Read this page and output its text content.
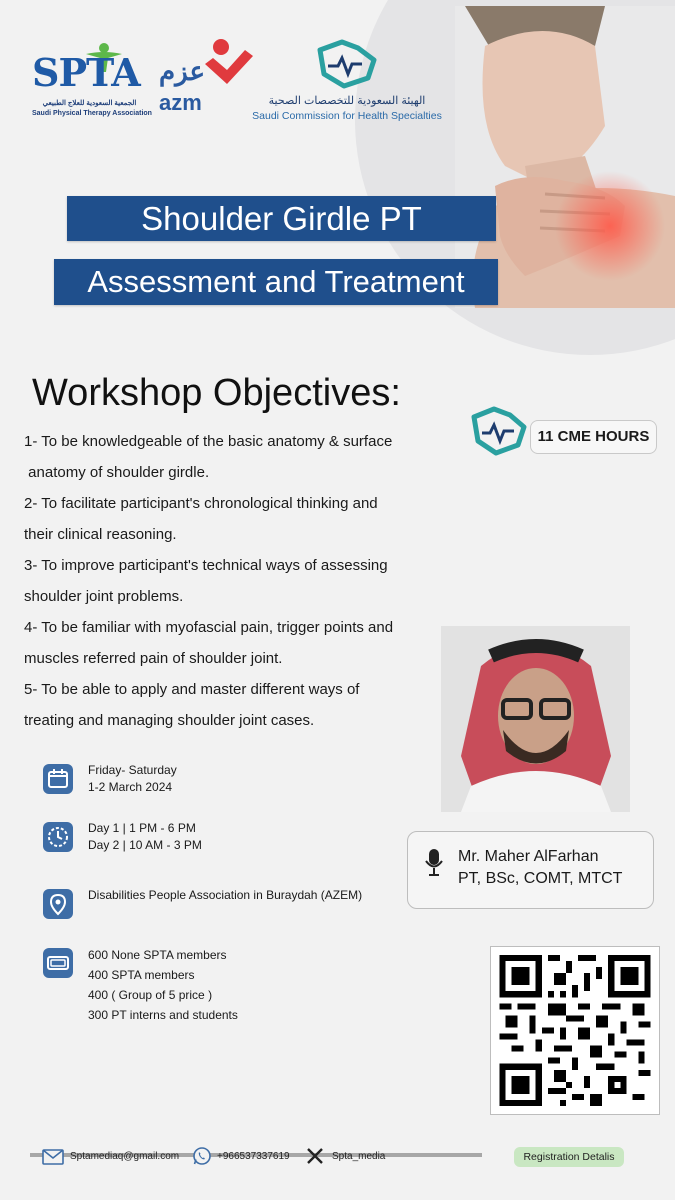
SPTA
الجمعية السعودية للعلاج الطبيعي
Saudi Physical Therapy Association
عزم
azm	الهيئة السعودية للتخصصات الصحية
Saudi Commission for Health Specialties
Shoulder Girdle PT
Assessment and Treatment
Workshop Objectives:
1- To be knowledgeable of the basic anatomy & surface
anatomy of shoulder girdle.
2- To facilitate participant's chronological thinking and
their clinical reasoning.
3- To improve participant's technical ways of assessing
shoulder joint problems.
4- To be familiar with myofascial pain, trigger points and
muscles referred pain of shoulder joint.
5- To be able to apply and master different ways of
treating and managing shoulder joint cases.
11 CME HOURS
Mr. Maher AlFarhan
PT, BSc, COMT, MTCT
Friday- Saturday
1-2 March 2024
Day 1 | 1 PM - 6 PM
Day 2 | 10 AM - 3 PM
Disabilities People Association in Buraydah (AZEM)
600 None SPTA members
400 SPTA members
400 ( Group of 5 price )
300 PT interns and students
Sptamediaq@gmail.com	+966537337619	Spta_media	Registration Detalis
